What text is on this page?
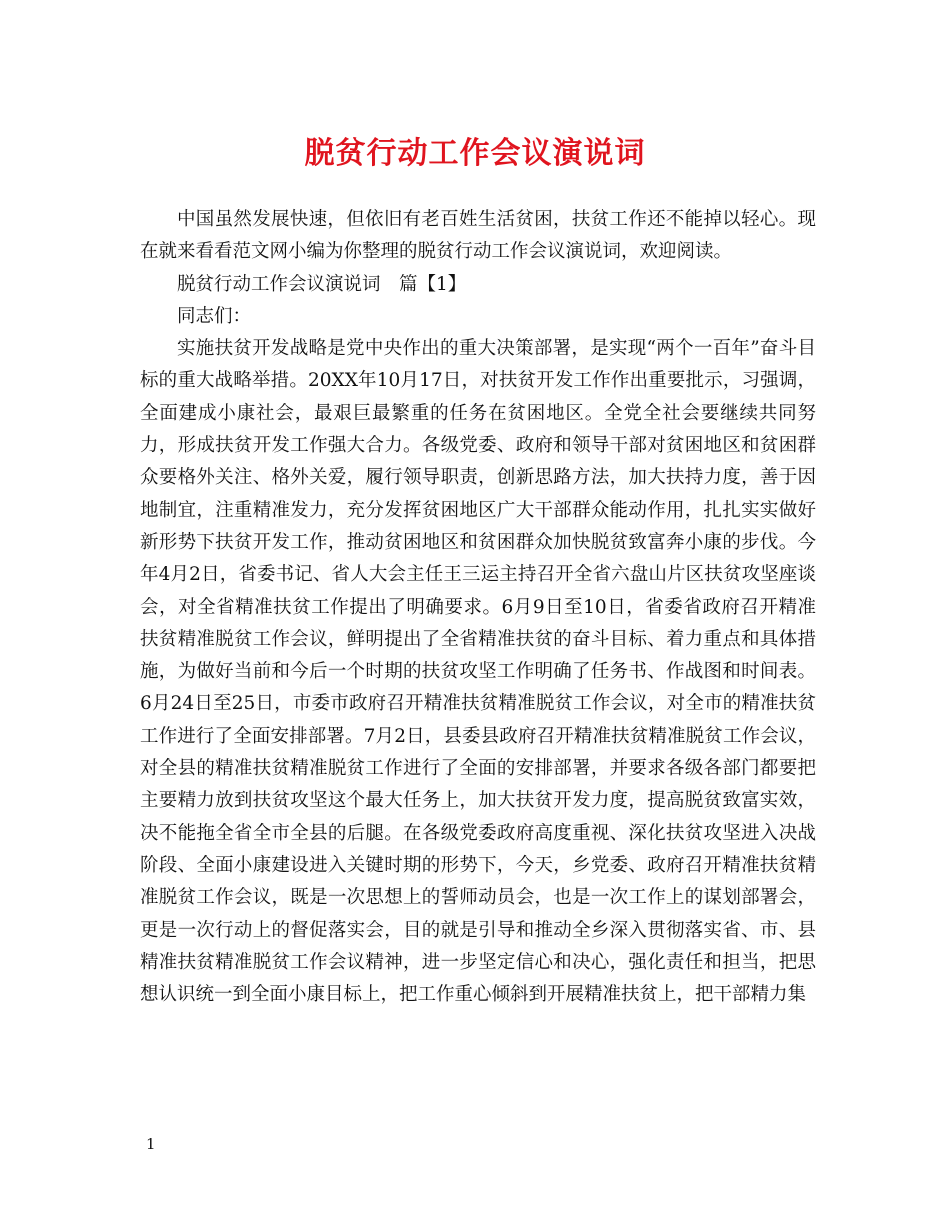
脱贫行动工作会议演说词

中国虽然发展快速，但依旧有老百姓生活贫困，扶贫工作还不能掉以轻心。现在就来看看范文网小编为你整理的脱贫行动工作会议演说词，欢迎阅读。

脱贫行动工作会议演说词　篇【1】

同志们：

实施扶贫开发战略是党中央作出的重大决策部署，是实现“两个一百年”奋斗目标的重大战略举措。20XX年10月17日，对扶贫开发工作作出重要批示，习强调，全面建成小康社会，最艰巨最繁重的任务在贫困地区。全党全社会要继续共同努力，形成扶贫开发工作强大合力。各级党委、政府和领导干部对贫困地区和贫困群众要格外关注、格外关爱，履行领导职责，创新思路方法，加大扶持力度，善于因地制宜，注重精准发力，充分发挥贫困地区广大干部群众能动作用，扎扎实实做好新形势下扶贫开发工作，推动贫困地区和贫困群众加快脱贫致富奔小康的步伐。今年4月2日，省委书记、省人大会主任王三运主持召开全省六盘山片区扶贫攻坚座谈会，对全省精准扶贫工作提出了明确要求。6月9日至10日，省委省政府召开精准扶贫精准脱贫工作会议，鲜明提出了全省精准扶贫的奋斗目标、着力重点和具体措施，为做好当前和今后一个时期的扶贫攻坚工作明确了任务书、作战图和时间表。6月24日至25日，市委市政府召开精准扶贫精准脱贫工作会议，对全市的精准扶贫工作进行了全面安排部署。7月2日，县委县政府召开精准扶贫精准脱贫工作会议，对全县的精准扶贫精准脱贫工作进行了全面的安排部署，并要求各级各部门都要把主要精力放到扶贫攻坚这个最大任务上，加大扶贫开发力度，提高脱贫致富实效，决不能拖全省全市全县的后腿。在各级党委政府高度重视、深化扶贫攻坚进入决战阶段、全面小康建设进入关键时期的形势下，今天，乡党委、政府召开精准扶贫精准脱贫工作会议，既是一次思想上的誓师动员会，也是一次工作上的谋划部署会，更是一次行动上的督促落实会，目的就是引导和推动全乡深入贯彻落实省、市、县精准扶贫精准脱贫工作会议精神，进一步坚定信心和决心，强化责任和担当，把思想认识统一到全面小康目标上，把工作重心倾斜到开展精准扶贫上，把干部精力集

1
